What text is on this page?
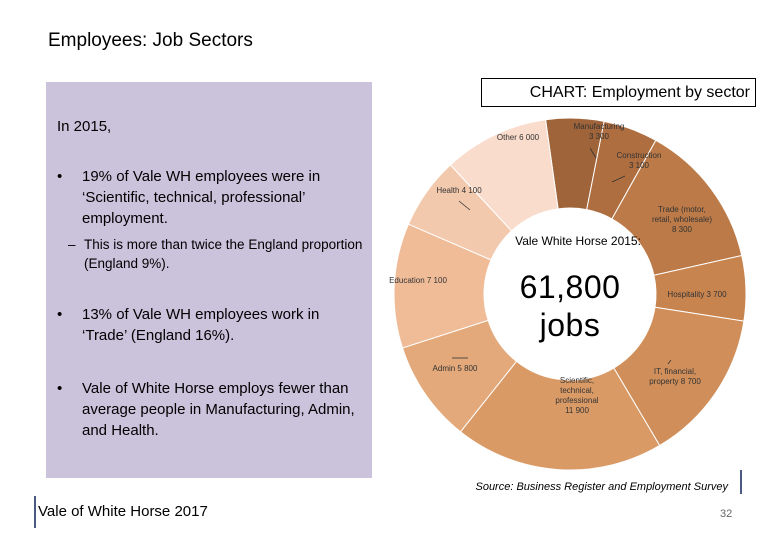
Employees: Job Sectors
In 2015,
• 19% of Vale WH employees were in ‘Scientific, technical, professional’ employment.
– This is more than twice the England proportion (England 9%).
• 13% of Vale WH employees work in ‘Trade’ (England 16%).
• Vale of White Horse employs fewer than average people in Manufacturing, Admin, and Health.
Manufacturing 3 300
Construction 3 100
Trade (motor, retail, wholesale) 8 300
Hospitality 3 700
IT, financial, property 8 700
Scientific, technical, professional 11 900
Admin 5 800
Education 7 100
Health 4 100
Other 6 000
CHART: Employment by sector
Vale White Horse 2015:
61,800
jobs
Source: Business Register and Employment Survey
Vale of White Horse 2017	32
